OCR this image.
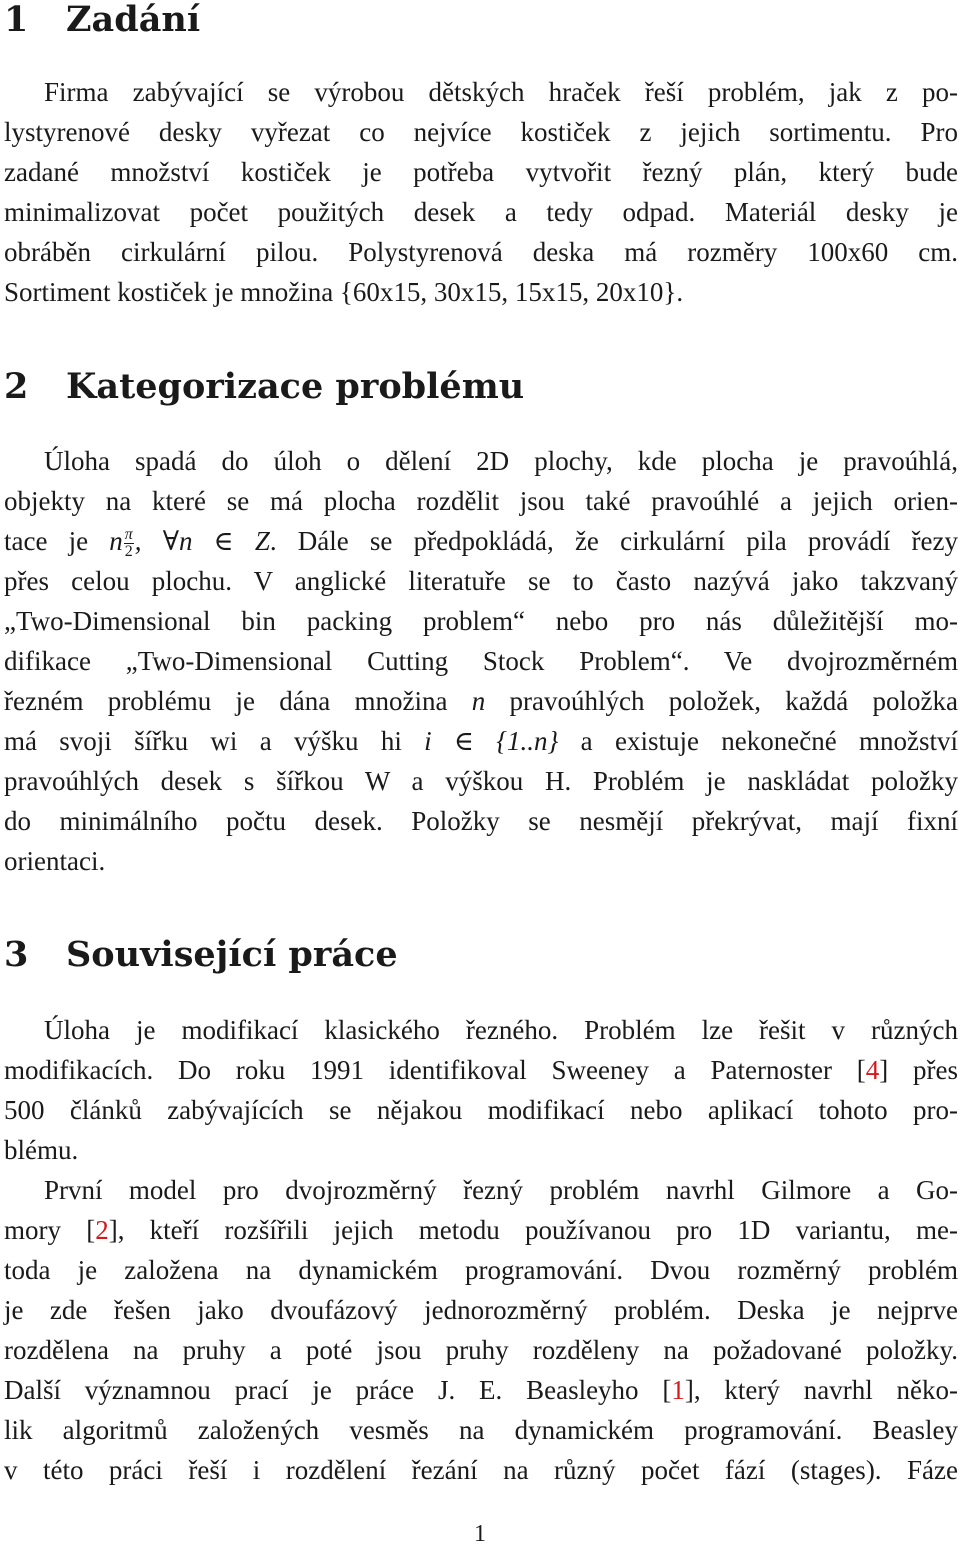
1 Zadání

Firma zabývající se výrobou dětských hraček řeší problém, jak z po-

lystyrenové desky vyřezat co nejvíce kostiček z jejich sortimentu. Pro

zadané množství kostiček je potřeba vytvořit řezný plán, který bude

minimalizovat počet použitých desek a tedy odpad. Materiál desky je

obráběn cirkulární pilou. Polystyrenová deska má rozměry 100x60 cm.

Sortiment kostiček je množina {60x15, 30x15, 15x15, 20x10}.

2 Kategorizace problému

Úloha spadá do úloh o dělení 2D plochy, kde plocha je pravoúhlá,

objekty na které se má plocha rozdělit jsou také pravoúhlé a jejich orien-

tace je n $\frac{\pi}{2}$ , ∀n ∈ Z. Dále se předpokládá, že cirkulární pila provádí řezy

přes celou plochu. V anglické literatuře se to často nazývá jako takzvaný

„Two-Dimensional bin packing problem“ nebo pro nás důležitější mo-

difikace „Two-Dimensional Cutting Stock Problem“. Ve dvojrozměrném

řezném problému je dána množina n pravoúhlých položek, každá položka

má svoji šířku wi a výšku hi i ∈ {1..n} a existuje nekonečné množství

pravoúhlých desek s šířkou W a výškou H. Problém je naskládat položky

do minimálního počtu desek. Položky se nesmějí překrývat, mají fixní

orientaci.

3 Související práce

Úloha je modifikací klasického řezného. Problém lze řešit v různých

modifikacích. Do roku 1991 identifikoval Sweeney a Paternoster [4] přes

500 článků zabývajících se nějakou modifikací nebo aplikací tohoto pro-

blému.

První model pro dvojrozměrný řezný problém navrhl Gilmore a Go-

mory [2], kteří rozšířili jejich metodu používanou pro 1D variantu, me-

toda je založena na dynamickém programování. Dvou rozměrný problém

je zde řešen jako dvoufázový jednorozměrný problém. Deska je nejprve

rozdělena na pruhy a poté jsou pruhy rozděleny na požadované položky.

Další významnou prací je práce J. E. Beasleyho [1], který navrhl něko-

lik algoritmů založených vesměs na dynamickém programování. Beasley

v této práci řeší i rozdělení řezání na různý počet fází (stages). Fáze

1
